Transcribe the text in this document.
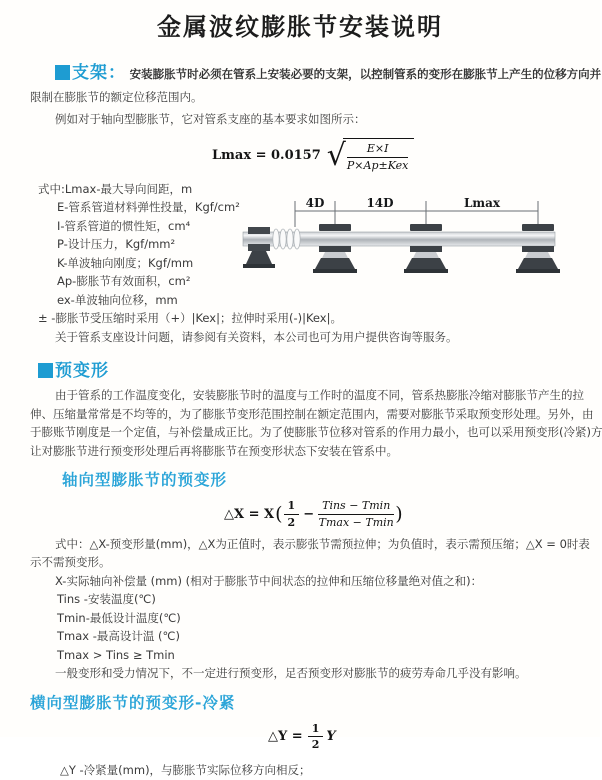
金属波纹膨胀节安装说明
支架： 安装膨胀节时必须在管系上安装必要的支架，以控制管系的变形在膨胀节上产生的位移方向并
限制在膨胀节的额定位移范围内。
例如对于轴向型膨胀节，它对管系支座的基本要求如图所示：
Lmax = 0.0157 √ $\frac{E\times I}{\text{P×Ap±Kex}}$
式中:Lmax-最大导向间距，m
E-管系管道材料弹性投量，Kgf/cm²
I-管系管道的惯性矩，cm⁴
P-设计压力，Kgf/mm²
K-单波轴向刚度；Kgf/mm
Ap-膨胀节有效面积，cm²
ex-单波轴向位移，mm
± -膨胀节受压缩时采用（+）|Kex|；拉伸时采用(-)|Kex|。
关于管系支座设计问题，请参阅有关资料，本公司也可为用户提供咨询等服务。
4D	14D	Lmax
预变形
由于管系的工作温度变化，安装膨胀节时的温度与工作时的温度不同，管系热膨胀冷缩对膨胀节产生的拉
伸、压缩量常常是不均等的，为了膨胀节变形范围控制在额定范围内，需要对膨胀节采取预变形处理。另外，由
于膨账节刚度是一个定值，与补偿量成正比。为了使膨胀节位移对管系的作用力最小，也可以采用预变形(冷紧)方
让对膨胀节进行预变形处理后再将膨胀节在预变形状态下安装在管系中。
轴向型膨胀节的预变形
△X = X ( $\frac{1}{2} - \frac{\text{Tins − Tmin}}{Tmax - Tmin}$ )
式中：△X-预变形量(mm)，△X为正值时，表示膨张节需预拉伸；为负值时，表示需预压缩；△X = 0时表
示不需预变形。
X-实际轴向补偿量 (mm) (相对于膨胀节中间状态的拉伸和压缩位移量绝对值之和)：
Tins -安装温度(℃)
Tmin-最低设计温度(℃)
Tmax -最高设计温 (℃)
Tmax > Tins ≥ Tmin
一般变形和受力情况下，不一定进行预变形，足否预变形对膨胀节的疲劳寿命几乎没有影响。
横向型膨胀节的预变形-冷紧
△Y = $\frac{1}{2}$ Y
△Y -冷紧量(mm)，与膨胀节实际位移方向相反；
